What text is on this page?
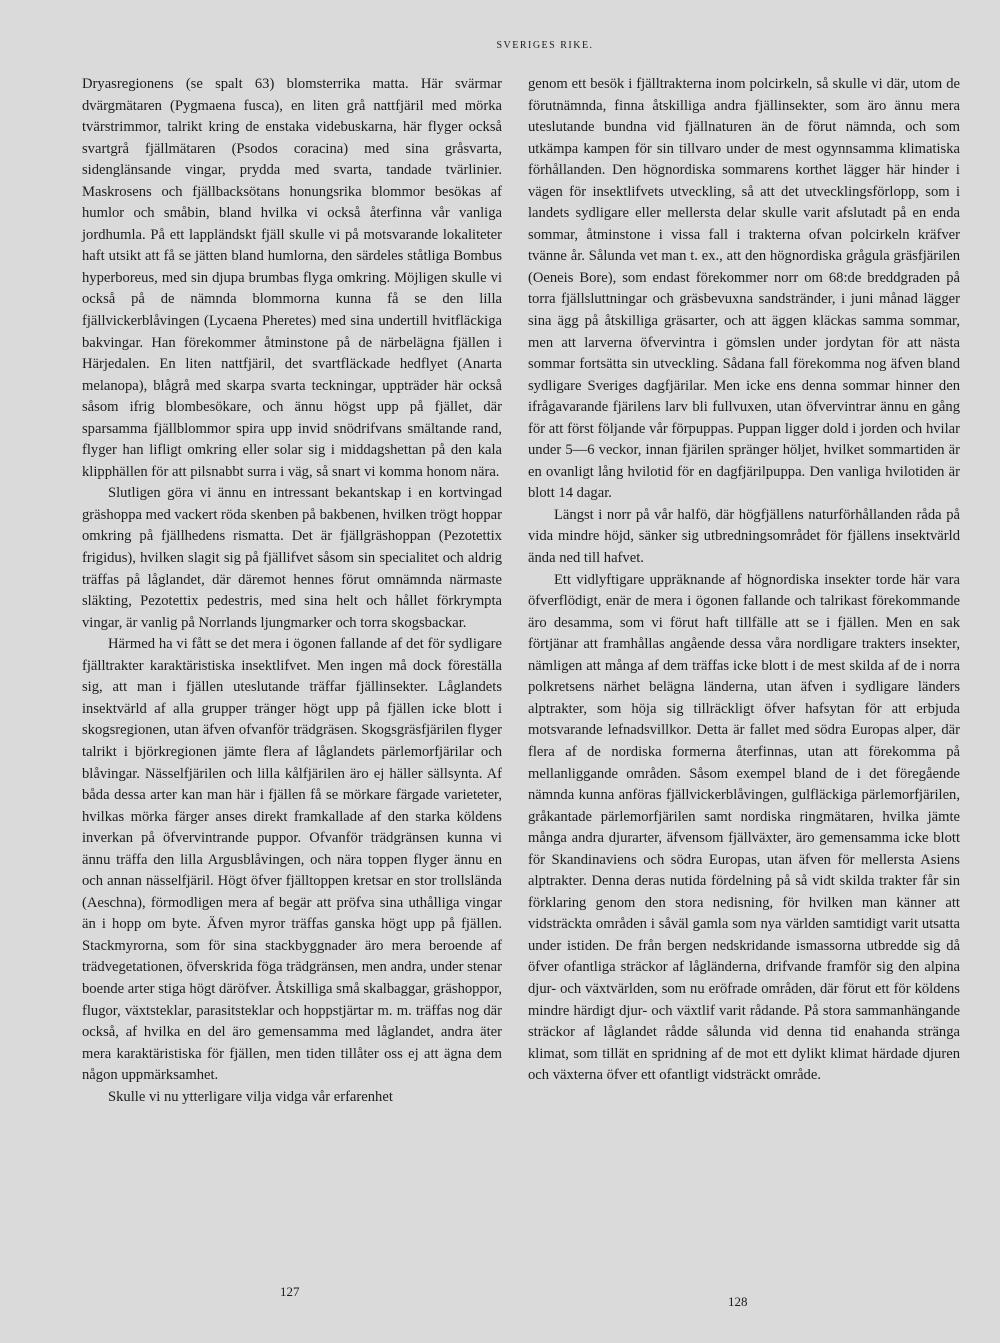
SVERIGES RIKE.

Dryasregionens (se spalt 63) blomsterrika matta. Här svärmar dvärgmätaren (Pygmaena fusca), en liten grå nattfjäril med mörka tvärstrimmor, talrikt kring de enstaka videbuskarna, här flyger också svartgrå fjällmätaren (Psodos coracina) med sina gråsvarta, sidenglänsande vingar, prydda med svarta, tandade tvärlinier. Maskrosens och fjällbacksötans honungsrika blommor besökas af humlor och småbin, bland hvilka vi också återfinna vår vanliga jordhumla. På ett lappländskt fjäll skulle vi på motsvarande lokaliteter haft utsikt att få se jätten bland humlorna, den särdeles ståtliga Bombus hyperboreus, med sin djupa brumbas flyga omkring. Möjligen skulle vi också på de nämnda blommorna kunna få se den lilla fjällvickerblåvingen (Lycaena Pheretes) med sina undertill hvitfläckiga bakvingar. Han förekommer åtminstone på de närbelägna fjällen i Härjedalen. En liten nattfjäril, det svartfläckade hedflyet (Anarta melanopa), blågrå med skarpa svarta teckningar, uppträder här också såsom ifrig blombesökare, och ännu högst upp på fjället, där sparsamma fjällblommor spira upp invid snödrifvans smältande rand, flyger han lifligt omkring eller solar sig i middagshettan på den kala klipphällen för att pilsnabbt surra i väg, så snart vi komma honom nära.

Slutligen göra vi ännu en intressant bekantskap i en kortvingad gräshoppa med vackert röda skenben på bakbenen, hvilken trögt hoppar omkring på fjällhedens rismatta. Det är fjällgräshoppan (Pezotettix frigidus), hvilken slagit sig på fjällifvet såsom sin specialitet och aldrig träffas på låglandet, där däremot hennes förut omnämnda närmaste släkting, Pezotettix pedestris, med sina helt och hållet förkrympta vingar, är vanlig på Norrlands ljungmarker och torra skogsbackar.

Härmed ha vi fått se det mera i ögonen fallande af det för sydligare fjälltrakter karaktäristiska insektlifvet. Men ingen må dock föreställa sig, att man i fjällen uteslutande träffar fjällinsekter. Låglandets insektvärld af alla grupper tränger högt upp på fjällen icke blott i skogsregionen, utan äfven ofvanför trädgräsen. Skogsgräsfjärilen flyger talrikt i björkregionen jämte flera af låglandets pärlemorfjärilar och blåvingar. Nässelfjärilen och lilla kålfjärilen äro ej häller sällsynta. Af båda dessa arter kan man här i fjällen få se mörkare färgade varieteter, hvilkas mörka färger anses direkt framkallade af den starka köldens inverkan på öfvervintrande puppor. Ofvanför trädgränsen kunna vi ännu träffa den lilla Argusblåvingen, och nära toppen flyger ännu en och annan nässelfjäril. Högt öfver fjälltoppen kretsar en stor trollslända (Aeschna), förmodligen mera af begär att pröfva sina uthålliga vingar än i hopp om byte. Äfven myror träffas ganska högt upp på fjällen. Stackmyrorna, som för sina stackbyggnader äro mera beroende af trädvegetationen, öfverskrida föga trädgränsen, men andra, under stenar boende arter stiga högt däröfver. Åtskilliga små skalbaggar, gräshoppor, flugor, växtsteklar, parasitsteklar och hoppstjärtar m. m. träffas nog där också, af hvilka en del äro gemensamma med låglandet, andra äter mera karaktäristiska för fjällen, men tiden tillåter oss ej att ägna dem någon uppmärksamhet.

Skulle vi nu ytterligare vilja vidga vår erfarenhet

genom ett besök i fjälltrakterna inom polcirkeln, så skulle vi där, utom de förutnämnda, finna åtskilliga andra fjällinsekter, som äro ännu mera uteslutande bundna vid fjällnaturen än de förut nämnda, och som utkämpa kampen för sin tillvaro under de mest ogynnsamma klimatiska förhållanden. Den högnordiska sommarens korthet lägger här hinder i vägen för insektlifvets utveckling, så att det utvecklingsförlopp, som i landets sydligare eller mellersta delar skulle varit afslutadt på en enda sommar, åtminstone i vissa fall i trakterna ofvan polcirkeln kräfver tvänne år. Sålunda vet man t. ex., att den högnordiska grågula gräsfjärilen (Oeneis Bore), som endast förekommer norr om 68:de breddgraden på torra fjällsluttningar och gräsbevuxna sandstränder, i juni månad lägger sina ägg på åtskilliga gräsarter, och att äggen kläckas samma sommar, men att larverna öfvervintra i gömslen under jordytan för att nästa sommar fortsätta sin utveckling. Sådana fall förekomma nog äfven bland sydligare Sveriges dagfjärilar. Men icke ens denna sommar hinner den ifrågavarande fjärilens larv bli fullvuxen, utan öfvervintrar ännu en gång för att först följande vår förpuppas. Puppan ligger dold i jorden och hvilar under 5—6 veckor, innan fjärilen spränger höljet, hvilket sommartiden är en ovanligt lång hvilotid för en dagfjärilpuppa. Den vanliga hvilotiden är blott 14 dagar.

Längst i norr på vår halfö, där högfjällens naturförhållanden råda på vida mindre höjd, sänker sig utbredningsområdet för fjällens insektvärld ända ned till hafvet.

Ett vidlyftigare uppräknande af högnordiska insekter torde här vara öfverflödigt, enär de mera i ögonen fallande och talrikast förekommande äro desamma, som vi förut haft tillfälle att se i fjällen. Men en sak förtjänar att framhållas angående dessa våra nordligare trakters insekter, nämligen att många af dem träffas icke blott i de mest skilda af de i norra polkretsens närhet belägna länderna, utan äfven i sydligare länders alptrakter, som höja sig tillräckligt öfver hafsytan för att erbjuda motsvarande lefnadsvillkor. Detta är fallet med södra Europas alper, där flera af de nordiska formerna återfinnas, utan att förekomma på mellanliggande områden. Såsom exempel bland de i det föregående nämnda kunna anföras fjällvickerblåvingen, gulfläckiga pärlemorfjärilen, gråkantade pärlemorfjärilen samt nordiska ringmätaren, hvilka jämte många andra djurarter, äfvensom fjällväxter, äro gemensamma icke blott för Skandinaviens och södra Europas, utan äfven för mellersta Asiens alptrakter. Denna deras nutida fördelning på så vidt skilda trakter får sin förklaring genom den stora nedisning, för hvilken man känner att vidsträckta områden i såväl gamla som nya världen samtidigt varit utsatta under istiden. De från bergen nedskridande ismassorna utbredde sig då öfver ofantliga sträckor af lågländerna, drifvande framför sig den alpina djur- och växtvärlden, som nu eröfrade områden, där förut ett för köldens mindre härdigt djur- och växtlif varit rådande. På stora sammanhängande sträckor af låglandet rådde sålunda vid denna tid enahanda stränga klimat, som tillät en spridning af de mot ett dylikt klimat härdade djuren och växterna öfver ett ofantligt vidsträckt område.

127
128
